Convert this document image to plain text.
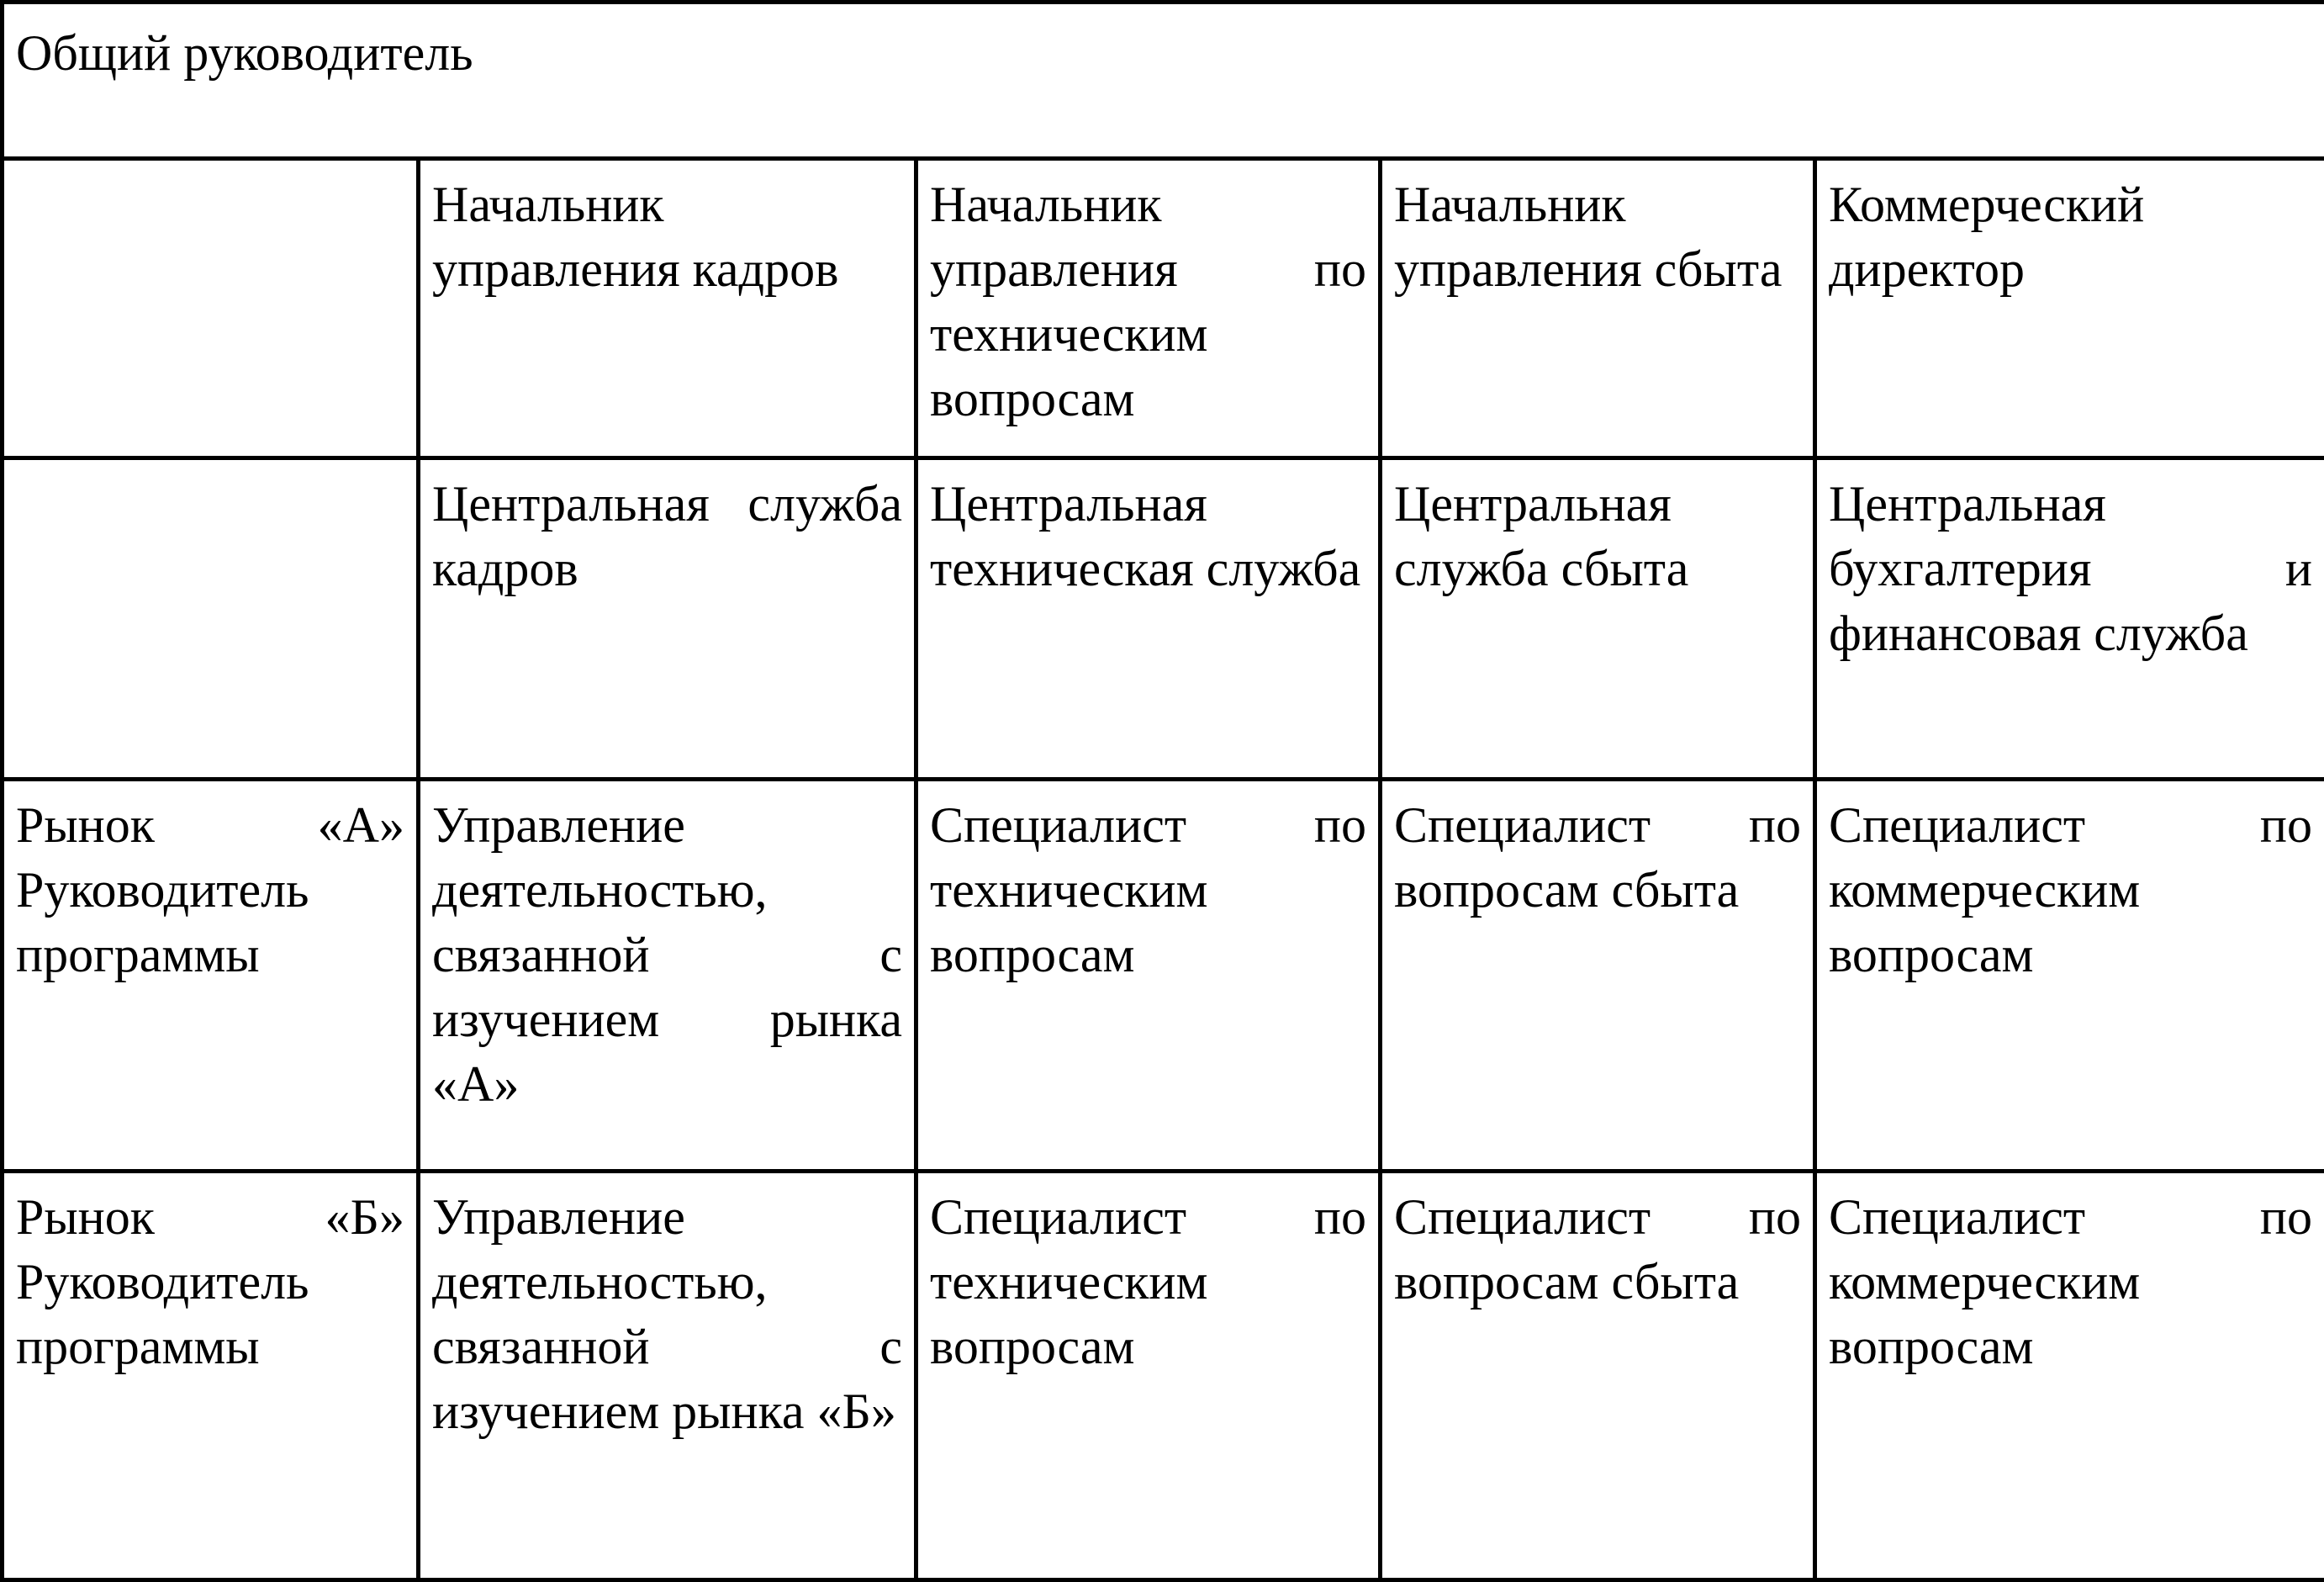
Общий руководитель				

	Начальник управления кадров	Начальник управления по техническим вопросам	Начальник управления сбыта	Коммерческий директор

	Центральная служба кадров	Центральная техническая служба	Центральная служба сбыта	Центральная бухгалтерия и финансовая служба

Рынок «А» Руководитель программы	Управление деятельностью, связанной с изучением рынка «А»	Специалист по техническим вопросам	Специалист по вопросам сбыта	Специалист по коммерческим вопросам

Рынок «Б» Руководитель программы	Управление деятельностью, связанной с изучением рынка «Б»	Специалист по техническим вопросам	Специалист по вопросам сбыта	Специалист по коммерческим вопросам
